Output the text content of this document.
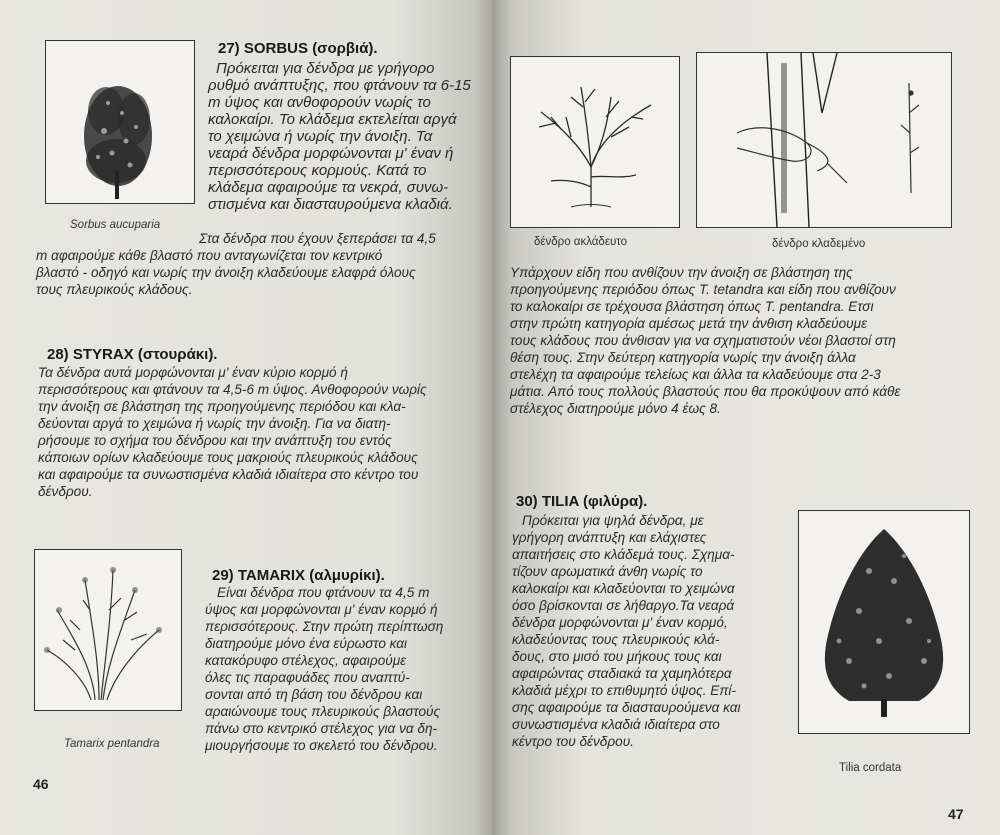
Sorbus aucuparia

27) SORBUS (σορβιά).

Πρόκειται για δένδρα με γρήγορο
ρυθμό ανάπτυξης, που φτάνουν τα 6-15
m ύψος και ανθοφορούν νωρίς το
καλοκαίρι. Το κλάδεμα εκτελείται αργά
το χειμώνα ή νωρίς την άνοιξη. Τα
νεαρά δένδρα μορφώνονται μ' έναν ή
περισσότερους κορμούς. Κατά το
κλάδεμα αφαιρούμε τα νεκρά, συνω-
στισμένα και διασταυρούμενα κλαδιά.
Στα δένδρα που έχουν ξεπεράσει τα 4,5
m αφαιρούμε κάθε βλαστό που ανταγωνίζεται τον κεντρικό
βλαστό - οδηγό και νωρίς την άνοιξη κλαδεύουμε ελαφρά όλους
τους πλευρικούς κλάδους.

28) STYRAX (στουράκι).

Τα δένδρα αυτά μορφώνονται μ' έναν κύριο κορμό ή
περισσότερους και φτάνουν τα 4,5-6 m ύψος. Ανθοφορούν νωρίς
την άνοιξη σε βλάστηση της προηγούμενης περιόδου και κλα-
δεύονται αργά το χειμώνα ή νωρίς την άνοιξη. Για να διατη-
ρήσουμε το σχήμα του δένδρου και την ανάπτυξη του εντός
κάποιων ορίων κλαδεύουμε τους μακριούς πλευρικούς κλάδους
και αφαιρούμε τα συνωστισμένα κλαδιά ιδιαίτερα στο κέντρο του
δένδρου.

Tamarix pentandra

29) TAMARIX (αλμυρίκι).

Είναι δένδρα που φτάνουν τα 4,5 m
ύψος και μορφώνονται μ' έναν κορμό ή
περισσότερους. Στην πρώτη περίπτωση
διατηρούμε μόνο ένα εύρωστο και
κατακόρυφο στέλεχος, αφαιρούμε
όλες τις παραφυάδες που αναπτύ-
σονται από τη βάση του δένδρου και
αραιώνουμε τους πλευρικούς βλαστούς
πάνω στο κεντρικό στέλεχος για να δη-
μιουργήσουμε το σκελετό του δένδρου.

46

δένδρο ακλάδευτο	δένδρο κλαδεμένο

Υπάρχουν είδη που ανθίζουν την άνοιξη σε βλάστηση της
προηγούμενης περιόδου όπως T. tetandra και είδη που ανθίζουν
το καλοκαίρι σε τρέχουσα βλάστηση όπως T. pentandra. Ετσι
στην πρώτη κατηγορία αμέσως μετά την άνθιση κλαδεύουμε
τους κλάδους που άνθισαν για να σχηματιστούν νέοι βλαστοί στη
θέση τους. Στην δεύτερη κατηγορία νωρίς την άνοιξη άλλα
στελέχη τα αφαιρούμε τελείως και άλλα τα κλαδεύουμε στα 2-3
μάτια. Από τους πολλούς βλαστούς που θα προκύψουν από κάθε
στέλεχος διατηρούμε μόνο 4 έως 8.

30) TILIA (φιλύρα).

Πρόκειται για ψηλά δένδρα, με
γρήγορη ανάπτυξη και ελάχιστες
απαιτήσεις στο κλάδεμά τους. Σχημα-
τίζουν αρωματικά άνθη νωρίς το
καλοκαίρι και κλαδεύονται το χειμώνα
όσο βρίσκονται σε λήθαργο.Τα νεαρά
δένδρα μορφώνονται μ' έναν κορμό,
κλαδεύοντας τους πλευρικούς κλά-
δους, στο μισό του μήκους τους και
αφαιρώντας σταδιακά τα χαμηλότερα
κλαδιά μέχρι το επιθυμητό ύψος. Επί-
σης αφαιρούμε τα διασταυρούμενα και
συνωστισμένα κλαδιά ιδιαίτερα στο
κέντρο του δένδρου.

Tilia cordata

47
